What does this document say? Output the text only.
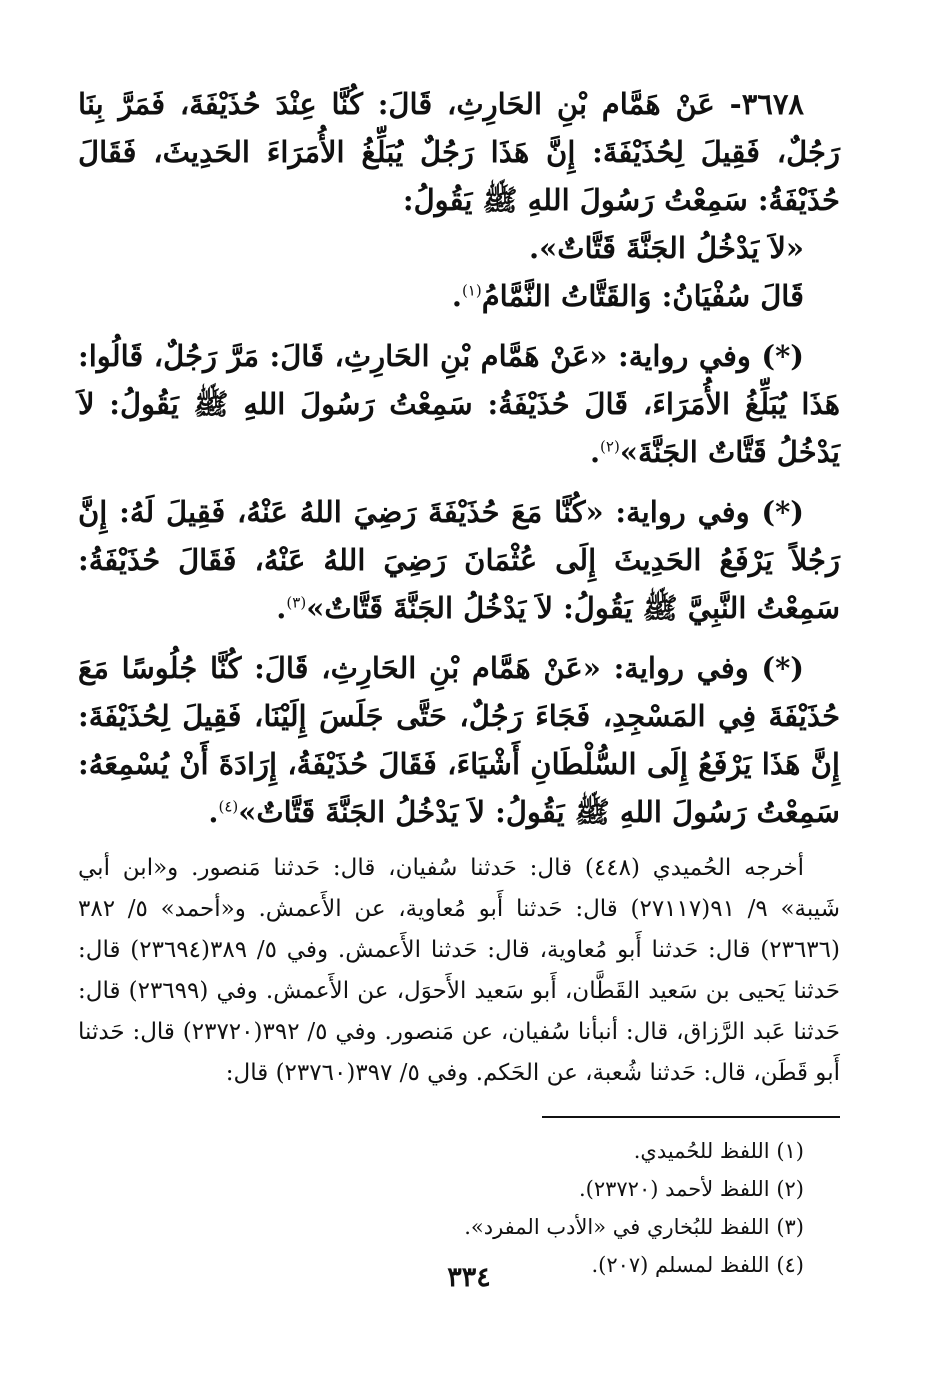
٣٦٧٨- عَنْ هَمَّام بْنِ الحَارِثِ، قَالَ: كُنَّا عِنْدَ حُذَيْفَةَ، فَمَرَّ بِنَا رَجُلٌ، فَقِيلَ لِحُذَيْفَةَ: إِنَّ هَذَا رَجُلٌ يُبَلِّغُ الأُمَرَاءَ الحَدِيثَ، فَقَالَ حُذَيْفَةُ: سَمِعْتُ رَسُولَ اللهِ ﷺ يَقُولُ:

«لاَ يَدْخُلُ الجَنَّةَ قَتَّاتٌ».

قَالَ سُفْيَانُ: وَالقَتَّاتُ النَّمَّامُ$^{(١)}$.

(*) وفي رواية: «عَنْ هَمَّام بْنِ الحَارِثِ، قَالَ: مَرَّ رَجُلٌ، قَالُوا: هَذَا يُبَلِّغُ الأُمَرَاءَ، قَالَ حُذَيْفَةُ: سَمِعْتُ رَسُولَ اللهِ ﷺ يَقُولُ: لاَ يَدْخُلُ قَتَّاتٌ الجَنَّةَ»$^{(٢)}$.

(*) وفي رواية: «كُنَّا مَعَ حُذَيْفَةَ رَضِيَ اللهُ عَنْهُ، فَقِيلَ لَهُ: إِنَّ رَجُلاً يَرْفَعُ الحَدِيثَ إِلَى عُثْمَانَ رَضِيَ اللهُ عَنْهُ، فَقَالَ حُذَيْفَةُ: سَمِعْتُ النَّبِيَّ ﷺ يَقُولُ: لاَ يَدْخُلُ الجَنَّةَ قَتَّاتٌ»$^{(٣)}$.

(*) وفي رواية: «عَنْ هَمَّام بْنِ الحَارِثِ، قَالَ: كُنَّا جُلُوسًا مَعَ حُذَيْفَةَ فِي المَسْجِدِ، فَجَاءَ رَجُلٌ، حَتَّى جَلَسَ إِلَيْنَا، فَقِيلَ لِحُذَيْفَةَ: إِنَّ هَذَا يَرْفَعُ إِلَى السُّلْطَانِ أَشْيَاءَ، فَقَالَ حُذَيْفَةُ، إِرَادَةَ أَنْ يُسْمِعَهُ: سَمِعْتُ رَسُولَ اللهِ ﷺ يَقُولُ: لاَ يَدْخُلُ الجَنَّةَ قَتَّاتٌ»$^{(٤)}$.

أخرجه الحُميدي (٤٤٨) قال: حَدثنا سُفيان، قال: حَدثنا مَنصور. و«ابن أبي شَيبة» ٩/ ٩١(٢٧١١٧) قال: حَدثنا أَبو مُعاوية، عن الأَعمش. و«أحمد» ٥/ ٣٨٢ (٢٣٦٣٦) قال: حَدثنا أَبو مُعاوية، قال: حَدثنا الأَعمش. وفي ٥/ ٣٨٩(٢٣٦٩٤) قال: حَدثنا يَحيى بن سَعيد القَطَّان، أَبو سَعيد الأَحوَل، عن الأَعمش. وفي (٢٣٦٩٩) قال: حَدثنا عَبد الرَّزاق، قال: أنبأنا سُفيان، عن مَنصور. وفي ٥/ ٣٩٢(٢٣٧٢٠) قال: حَدثنا أَبو قَطَن، قال: حَدثنا شُعبة، عن الحَكم. وفي ٥/ ٣٩٧(٢٣٧٦٠) قال:

(١) اللفظ للحُميدي.
(٢) اللفظ لأحمد (٢٣٧٢٠).
(٣) اللفظ للبُخاري في «الأدب المفرد».
(٤) اللفظ لمسلم (٢٠٧).
٣٣٤
